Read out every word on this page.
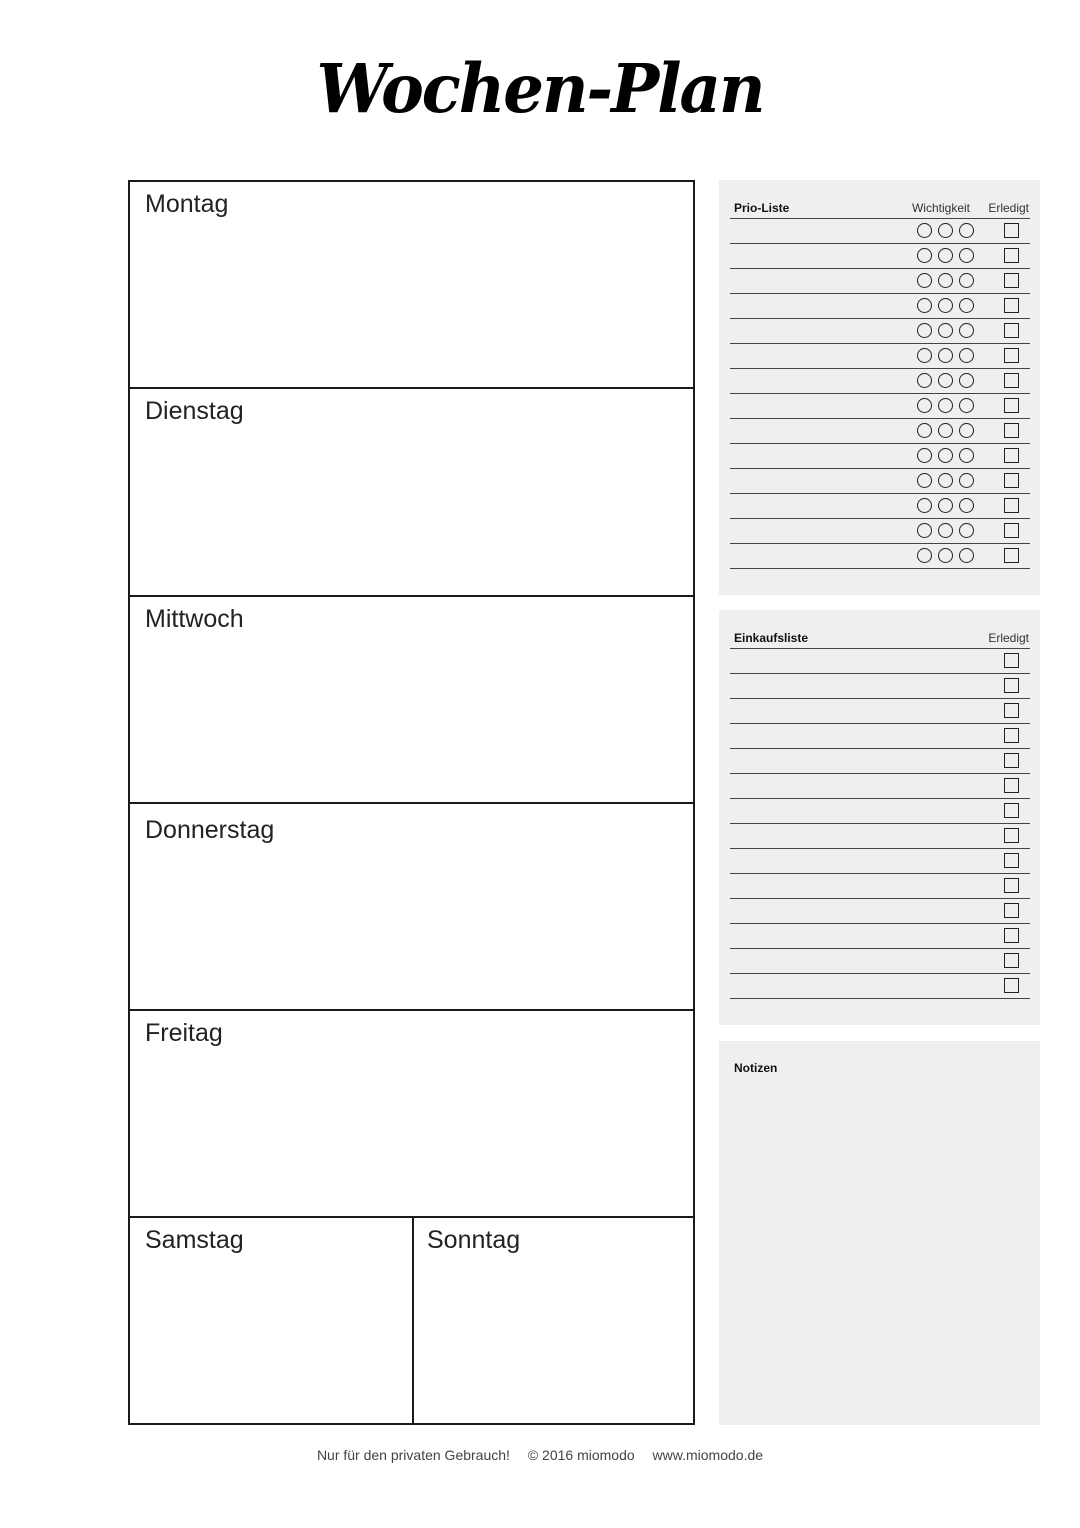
Wochen-Plan
Montag
Dienstag
Mittwoch
Donnerstag
Freitag
Samstag	Sonntag
Prio-Liste	Wichtigkeit Erledigt
Einkaufsliste	Erledigt
Notizen
Nur für den privaten Gebrauch! © 2016 miomodo www.miomodo.de
